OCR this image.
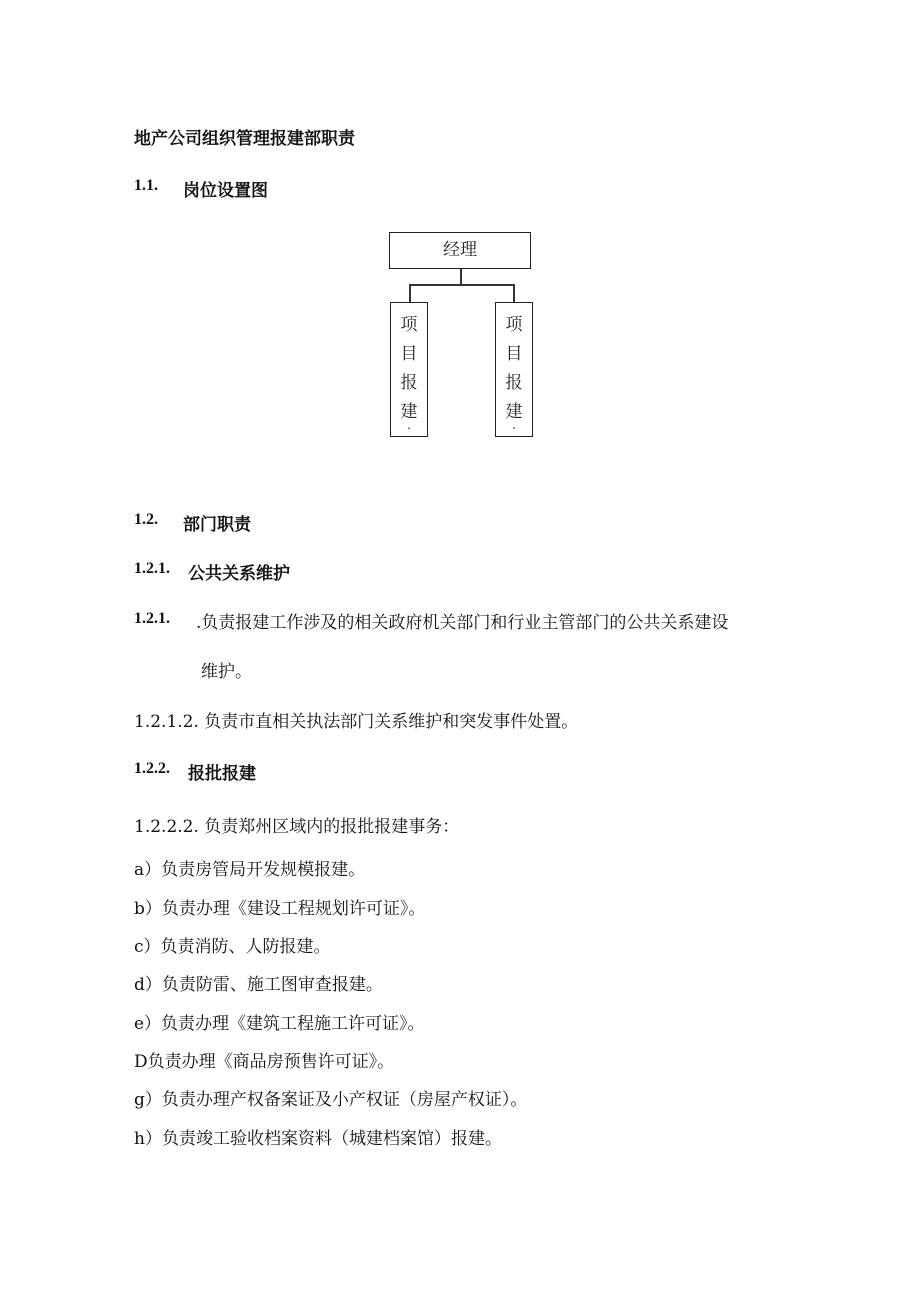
地产公司组织管理报建部职责
1.1. 岗位设置图
经理
项
目
报
建
.
项
目
报
建
.
1.2. 部门职责
1.2.1. 公共关系维护
1.2.1. .负责报建工作涉及的相关政府机关部门和行业主管部门的公共关系建设
维护。
1.2.1.2. 负责市直相关执法部门关系维护和突发事件处置。
1.2.2. 报批报建
1.2.2.2. 负责郑州区域内的报批报建事务：
a）负责房管局开发规模报建。
b）负责办理《建设工程规划许可证》。
c）负责消防、人防报建。
d）负责防雷、施工图审查报建。
e）负责办理《建筑工程施工许可证》。
D负责办理《商品房预售许可证》。
g）负责办理产权备案证及小产权证（房屋产权证）。
h）负责竣工验收档案资料（城建档案馆）报建。
